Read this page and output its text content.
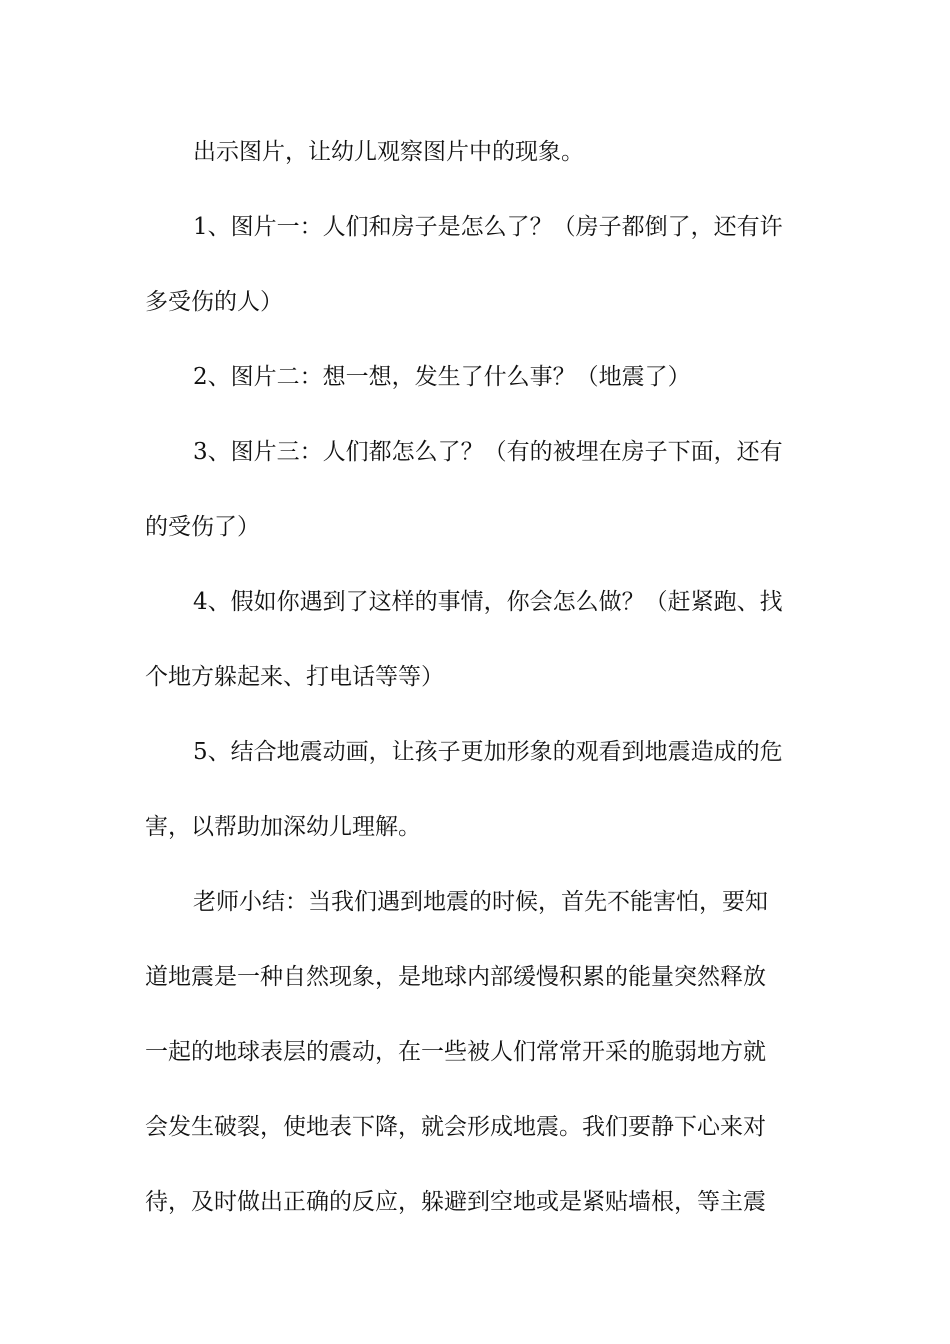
出示图片，让幼儿观察图片中的现象。
1、图片一：人们和房子是怎么了？（房子都倒了，还有许
多受伤的人）
2、图片二：想一想，发生了什么事？（地震了）
3、图片三：人们都怎么了？（有的被埋在房子下面，还有
的受伤了）
4、假如你遇到了这样的事情，你会怎么做？（赶紧跑、找
个地方躲起来、打电话等等）
5、结合地震动画，让孩子更加形象的观看到地震造成的危
害，以帮助加深幼儿理解。
老师小结：当我们遇到地震的时候，首先不能害怕，要知
道地震是一种自然现象，是地球内部缓慢积累的能量突然释放
一起的地球表层的震动，在一些被人们常常开采的脆弱地方就
会发生破裂，使地表下降，就会形成地震。我们要静下心来对
待，及时做出正确的反应，躲避到空地或是紧贴墙根，等主震
